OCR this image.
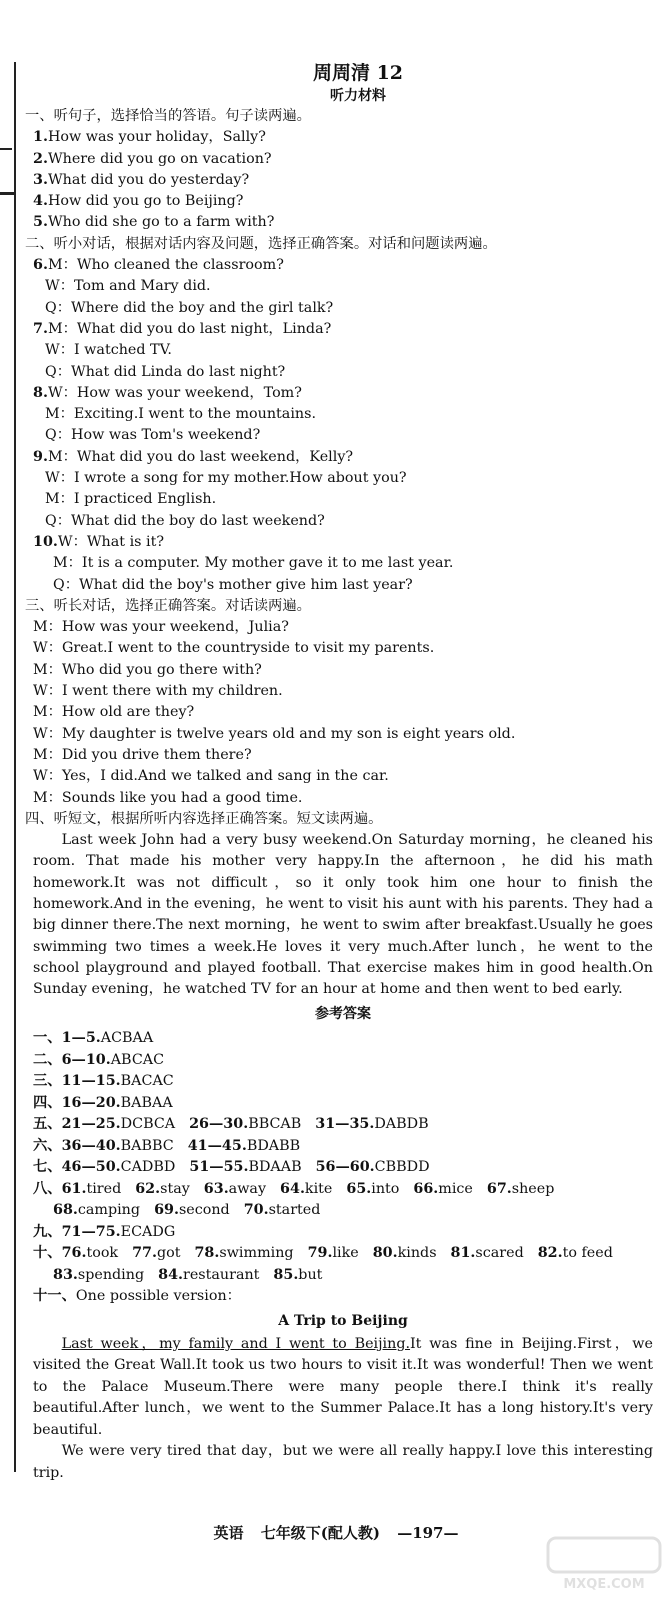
周周清 12
听力材料
一、听句子，选择恰当的答语。句子读两遍。
1.How was your holiday，Sally?
2.Where did you go on vacation?
3.What did you do yesterday?
4.How did you go to Beijing?
5.Who did she go to a farm with?
二、听小对话，根据对话内容及问题，选择正确答案。对话和问题读两遍。
6.M：Who cleaned the classroom?
W：Tom and Mary did.
Q：Where did the boy and the girl talk?
7.M：What did you do last night，Linda?
W：I watched TV.
Q：What did Linda do last night?
8.W：How was your weekend，Tom?
M：Exciting.I went to the mountains.
Q：How was Tom's weekend?
9.M：What did you do last weekend，Kelly?
W：I wrote a song for my mother.How about you?
M：I practiced English.
Q：What did the boy do last weekend?
10.W：What is it?
M：It is a computer. My mother gave it to me last year.
Q：What did the boy's mother give him last year?
三、听长对话，选择正确答案。对话读两遍。
M：How was your weekend，Julia?
W：Great.I went to the countryside to visit my parents.
M：Who did you go there with?
W：I went there with my children.
M：How old are they?
W：My daughter is twelve years old and my son is eight years old.
M：Did you drive them there?
W：Yes，I did.And we talked and sang in the car.
M：Sounds like you had a good time.
四、听短文，根据所听内容选择正确答案。短文读两遍。

Last week John had a very busy weekend.On Saturday morning，he cleaned his room. That made his mother very happy.In the afternoon，he did his math homework.It was not difficult，so it only took him one hour to finish the homework.And in the evening，he went to visit his aunt with his parents. They had a big dinner there.The next morning，he went to swim after breakfast.Usually he goes swimming two times a week.He loves it very much.After lunch，he went to the school playground and played football. That exercise makes him in good health.On Sunday evening，he watched TV for an hour at home and then went to bed early.

参考答案
一、1—5.ACBAA
二、6—10.ABCAC
三、11—15.BACAC
四、16—20.BABAA
五、21—25.DCBCA 26—30.BBCAB 31—35.DABDB
六、36—40.BABBC 41—45.BDABB
七、46—50.CADBD 51—55.BDAAB 56—60.CBBDD
八、61.tired 62.stay 63.away 64.kite 65.into 66.mice 67.sheep
68.camping 69.second 70.started
九、71—75.ECADG
十、76.took 77.got 78.swimming 79.like 80.kinds 81.scared 82.to feed
83.spending 84.restaurant 85.but
十一、One possible version：
A Trip to Beijing

Last week，my family and I went to Beijing.It was fine in Beijing.First，we visited the Great Wall.It took us two hours to visit it.It was wonderful! Then we went to the Palace Museum.There were many people there.I think it's really beautiful.After lunch，we went to the Summer Palace.It has a long history.It's very beautiful.

We were very tired that day，but we were all really happy.I love this interesting trip.

英语 七年级下(配人教) —197—
MXQE.COM
